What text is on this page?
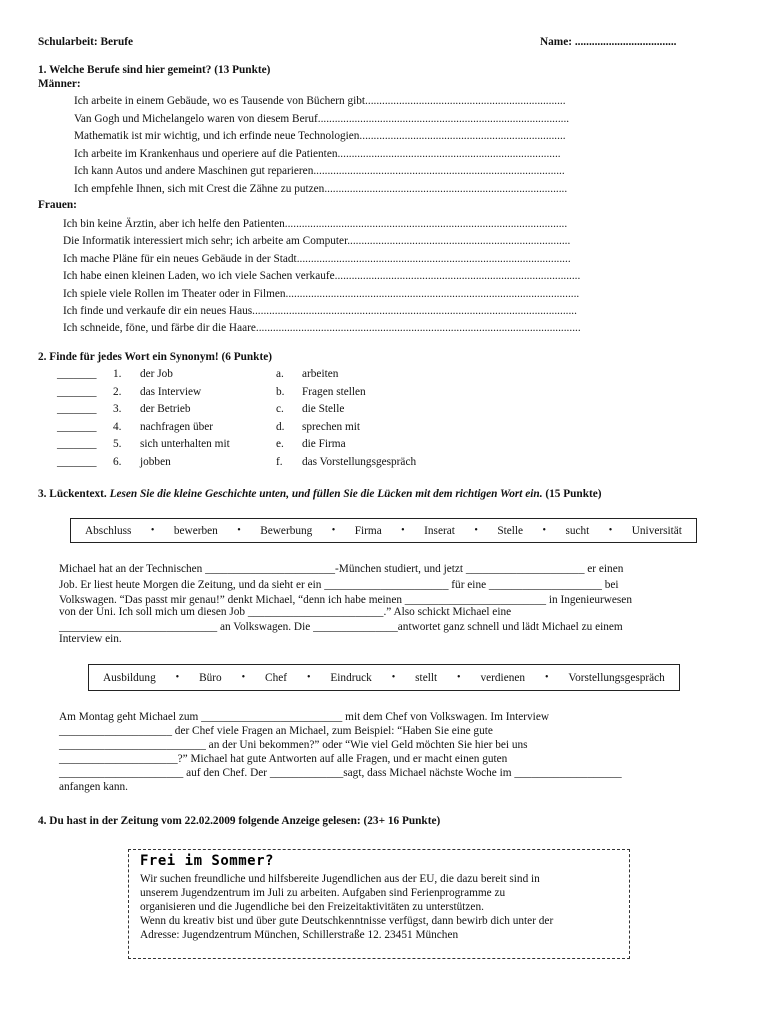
Schularbeit: Berufe	Name: ....................................
1. Welche Berufe sind hier gemeint? (13 Punkte)
Männer:
Ich arbeite in einem Gebäude, wo es Tausende von Büchern gibt.......................................................................
Van Gogh und Michelangelo waren von diesem Beruf.........................................................................................
Mathematik ist mir wichtig, und ich erfinde neue Technologien.........................................................................
Ich arbeite im Krankenhaus und operiere auf die Patienten...............................................................................
Ich kann Autos und andere Maschinen gut reparieren.........................................................................................
Ich empfehle Ihnen, sich mit Crest die Zähne zu putzen......................................................................................
Frauen:
Ich bin keine Ärztin, aber ich helfe den Patienten....................................................................................................
Die Informatik interessiert mich sehr; ich arbeite am Computer...............................................................................
Ich mache Pläne für ein neues Gebäude in der Stadt.................................................................................................
Ich habe einen kleinen Laden, wo ich viele Sachen verkaufe.......................................................................................
Ich spiele viele Rollen im Theater oder in Filmen........................................................................................................
Ich finde und verkaufe dir ein neues Haus...................................................................................................................
Ich schneide, föne, und färbe dir die Haare...................................................................................................................
2. Finde für jedes Wort ein Synonym! (6 Punkte)
_______ 1. der Job	a. arbeiten
_______ 2. das Interview	b. Fragen stellen
_______ 3. der Betrieb	c. die Stelle
_______ 4. nachfragen über	d. sprechen mit
_______ 5. sich unterhalten mit	e. die Firma
_______ 6. jobben	f. das Vorstellungsgespräch
3. Lückentext. Lesen Sie die kleine Geschichte unten, und füllen Sie die Lücken mit dem richtigen Wort ein. (15 Punkte)
Abschluss • bewerben • Bewerbung • Firma • Inserat • Stelle • sucht • Universität
Michael hat an der Technischen _______________________-München studiert, und jetzt _____________________ er einen
Job. Er liest heute Morgen die Zeitung, und da sieht er ein ______________________ für eine ____________________ bei
Volkswagen. “Das passt mir genau!” denkt Michael, “denn ich habe meinen _________________________ in Ingenieurwesen
von der Uni. Ich soll mich um diesen Job ________________________.” Also schickt Michael eine
____________________________ an Volkswagen. Die _______________antwortet ganz schnell und lädt Michael zu einem
Interview ein.
Ausbildung • Büro • Chef • Eindruck • stellt • verdienen • Vorstellungsgespräch
Am Montag geht Michael zum _________________________ mit dem Chef von Volkswagen. Im Interview
____________________ der Chef viele Fragen an Michael, zum Beispiel: “Haben Sie eine gute
__________________________ an der Uni bekommen?” oder “Wie viel Geld möchten Sie hier bei uns
_____________________?” Michael hat gute Antworten auf alle Fragen, und er macht einen guten
______________________ auf den Chef. Der _____________sagt, dass Michael nächste Woche im ___________________
anfangen kann.
4. Du hast in der Zeitung vom 22.02.2009 folgende Anzeige gelesen: (23+ 16 Punkte)
Frei im Sommer?
Wir suchen freundliche und hilfsbereite Jugendlichen aus der EU, die dazu bereit sind in
unserem Jugendzentrum im Juli zu arbeiten. Aufgaben sind Ferienprogramme zu
organisieren und die Jugendliche bei den Freizeitaktivitäten zu unterstützen.
Wenn du kreativ bist und über gute Deutschkenntnisse verfügst, dann bewirb dich unter der
Adresse: Jugendzentrum München, Schillerstraße 12. 23451 München
